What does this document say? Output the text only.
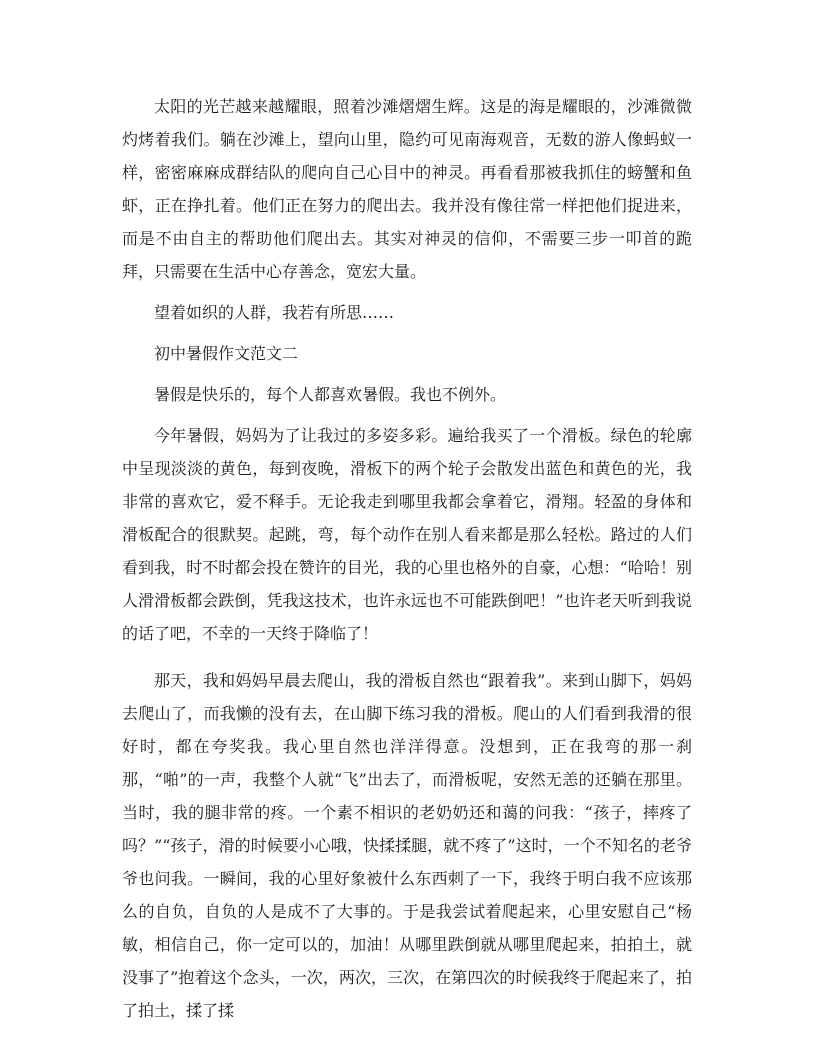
太阳的光芒越来越耀眼，照着沙滩熠熠生辉。这是的海是耀眼的，沙滩微微灼烤着我们。躺在沙滩上，望向山里，隐约可见南海观音，无数的游人像蚂蚁一样，密密麻麻成群结队的爬向自己心目中的神灵。再看看那被我抓住的螃蟹和鱼虾，正在挣扎着。他们正在努力的爬出去。我并没有像往常一样把他们捉进来，而是不由自主的帮助他们爬出去。其实对神灵的信仰，不需要三步一叩首的跪拜，只需要在生活中心存善念，宽宏大量。

望着如织的人群，我若有所思……

初中暑假作文范文二

暑假是快乐的，每个人都喜欢暑假。我也不例外。

今年暑假，妈妈为了让我过的多姿多彩。遍给我买了一个滑板。绿色的轮廓中呈现淡淡的黄色，每到夜晚，滑板下的两个轮子会散发出蓝色和黄色的光，我非常的喜欢它，爱不释手。无论我走到哪里我都会拿着它，滑翔。轻盈的身体和滑板配合的很默契。起跳，弯，每个动作在别人看来都是那么轻松。路过的人们看到我，时不时都会投在赞许的目光，我的心里也格外的自豪，心想：“哈哈！别人滑滑板都会跌倒，凭我这技术，也许永远也不可能跌倒吧！”也许老天听到我说的话了吧，不幸的一天终于降临了！

那天，我和妈妈早晨去爬山，我的滑板自然也“跟着我”。来到山脚下，妈妈去爬山了，而我懒的没有去，在山脚下练习我的滑板。爬山的人们看到我滑的很好时，都在夸奖我。我心里自然也洋洋得意。没想到，正在我弯的那一刹那，“啪”的一声，我整个人就“飞”出去了，而滑板呢，安然无恙的还躺在那里。当时，我的腿非常的疼。一个素不相识的老奶奶还和蔼的问我：“孩子，摔疼了吗？”“孩子，滑的时候要小心哦，快揉揉腿，就不疼了”这时，一个不知名的老爷爷也问我。一瞬间，我的心里好象被什么东西刺了一下，我终于明白我不应该那么的自负，自负的人是成不了大事的。于是我尝试着爬起来，心里安慰自己“杨敏，相信自己，你一定可以的，加油！从哪里跌倒就从哪里爬起来，拍拍土，就没事了”抱着这个念头，一次，两次，三次，在第四次的时候我终于爬起来了，拍了拍土，揉了揉
